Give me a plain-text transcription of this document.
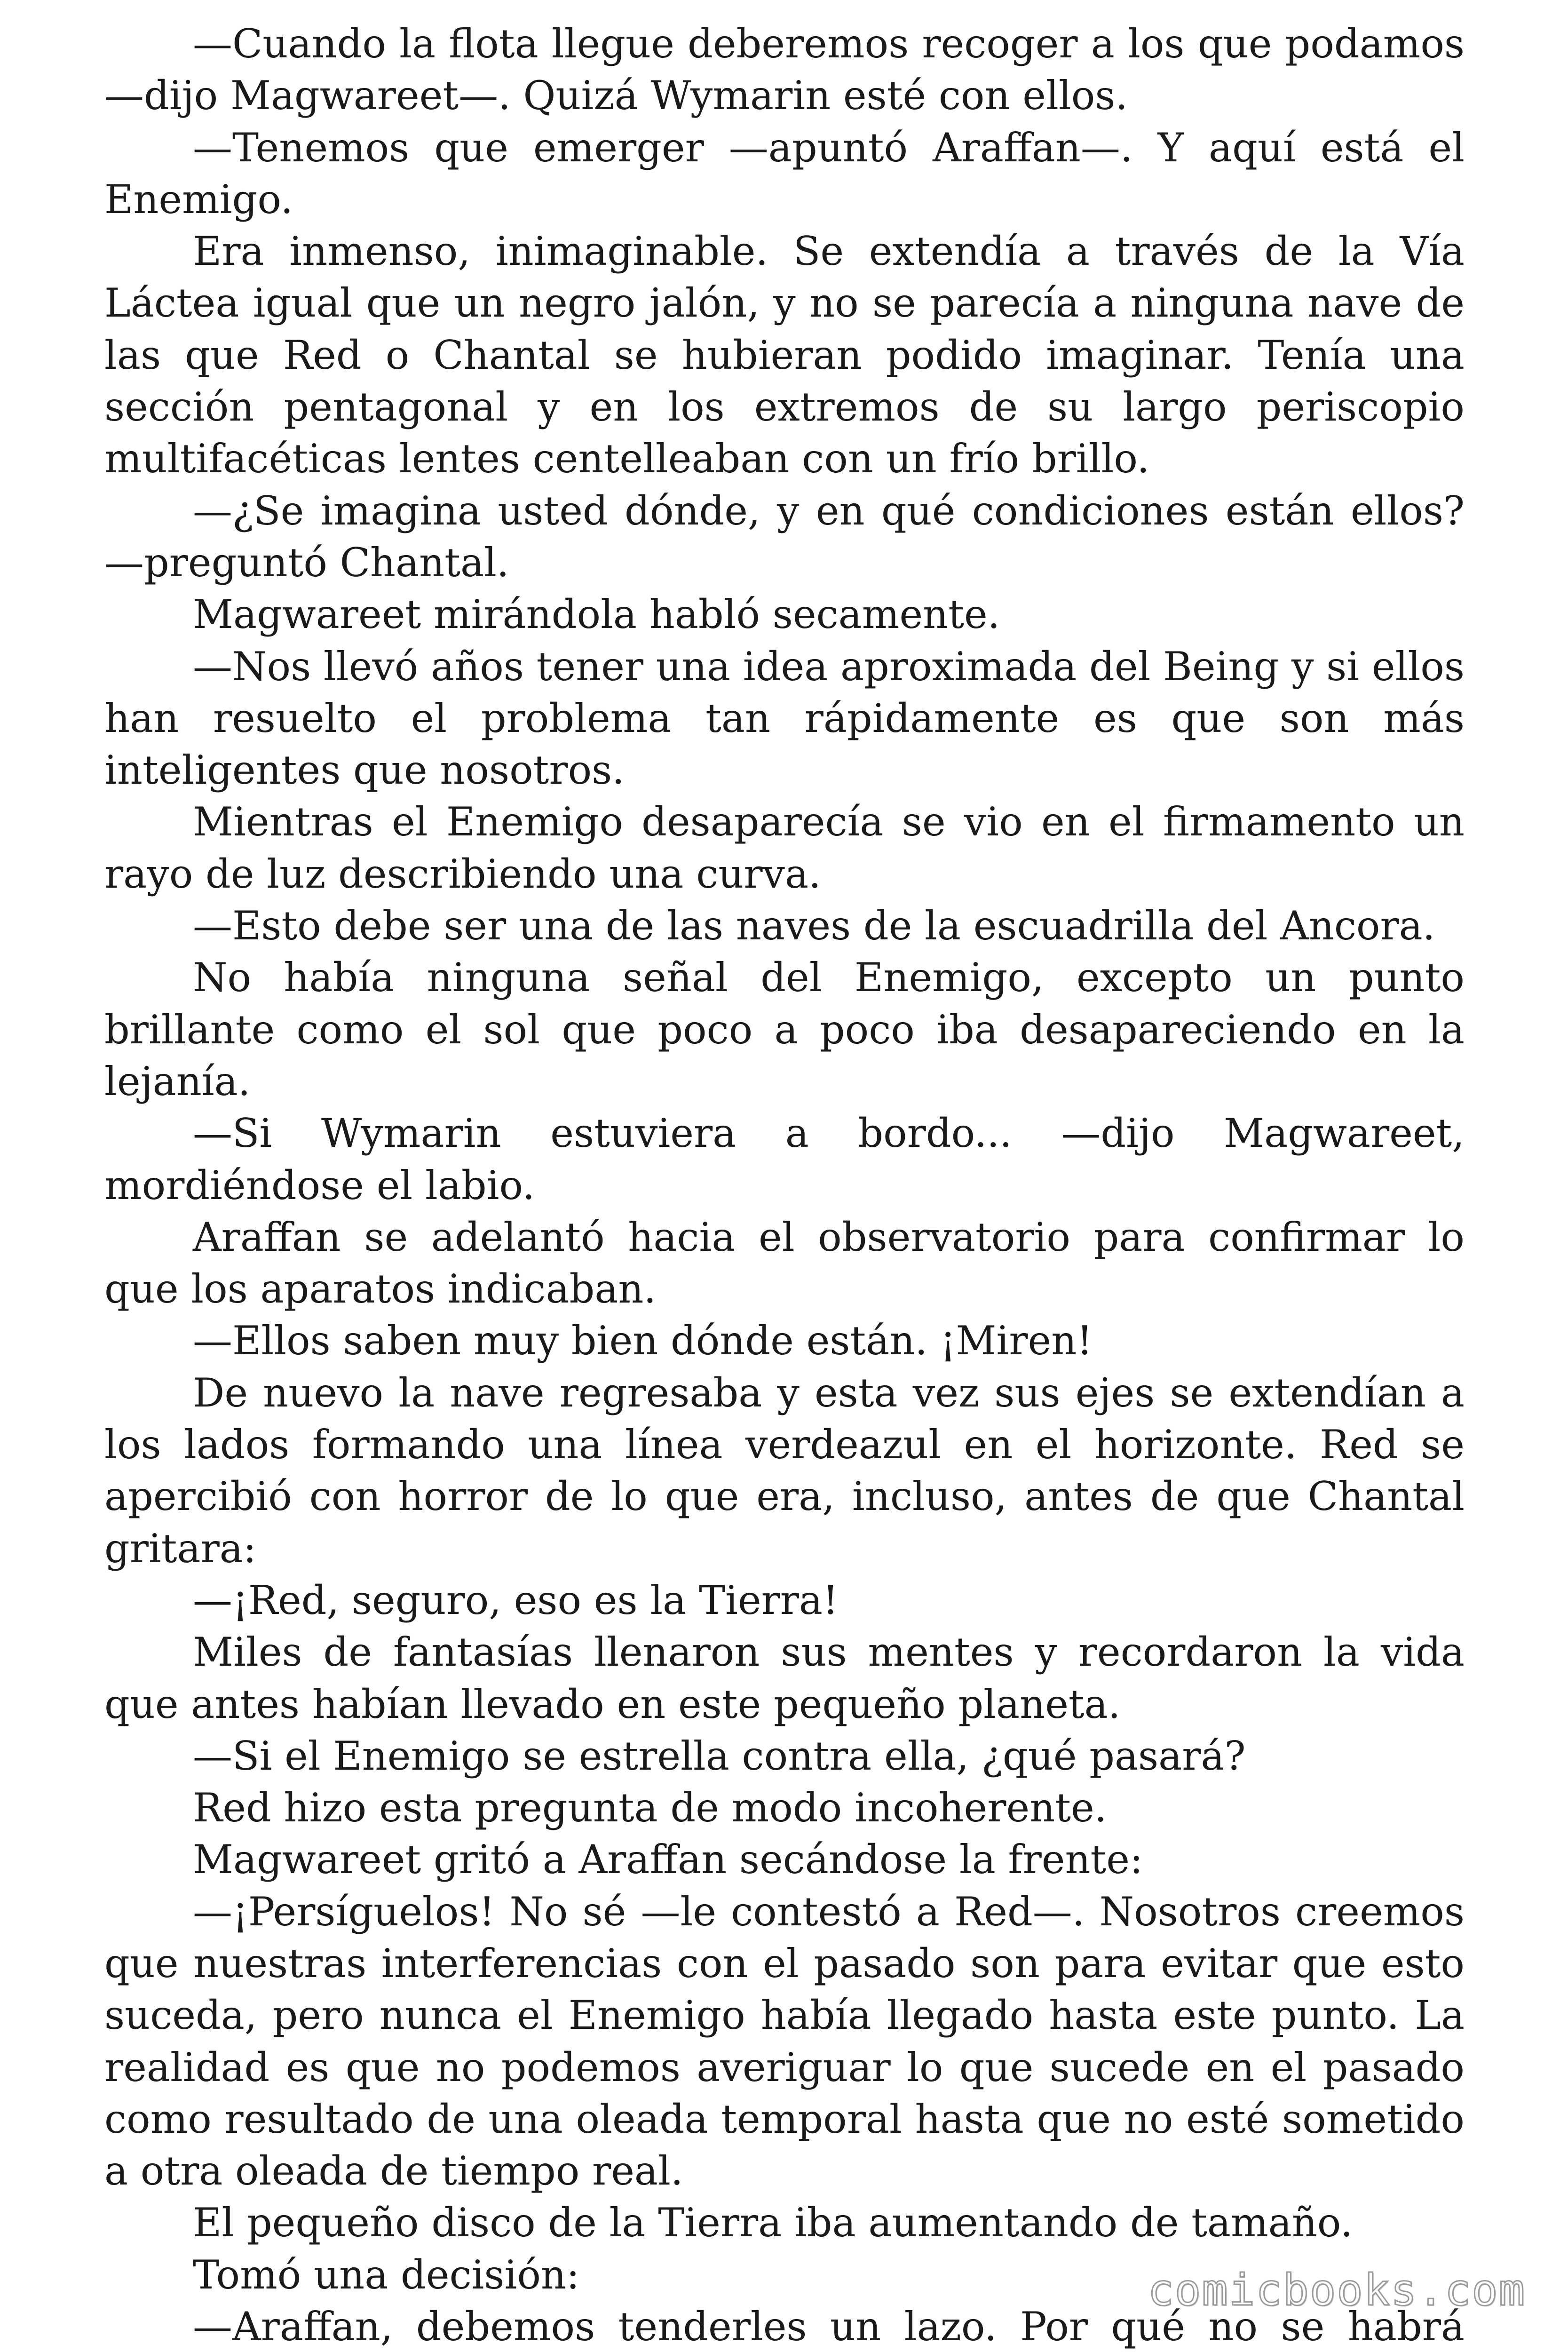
—Cuando la flota llegue deberemos recoger a los que podamos —dijo Magwareet—. Quizá Wymarin esté con ellos.

—Tenemos que emerger —apuntó Araffan—. Y aquí está el Enemigo.

Era inmenso, inimaginable. Se extendía a través de la Vía Láctea igual que un negro jalón, y no se parecía a ninguna nave de las que Red o Chantal se hubieran podido imaginar. Tenía una sección pentagonal y en los extremos de su largo periscopio multifacéticas lentes centelleaban con un frío brillo.

—¿Se imagina usted dónde, y en qué condiciones están ellos? —preguntó Chantal.

Magwareet mirándola habló secamente.

—Nos llevó años tener una idea aproximada del Being y si ellos han resuelto el problema tan rápidamente es que son más inteligentes que nosotros.

Mientras el Enemigo desaparecía se vio en el firmamento un rayo de luz describiendo una curva.

—Esto debe ser una de las naves de la escuadrilla del Ancora.

No había ninguna señal del Enemigo, excepto un punto brillante como el sol que poco a poco iba desapareciendo en la lejanía.

—Si Wymarin estuviera a bordo... —dijo Magwareet, mordiéndose el labio.

Araffan se adelantó hacia el observatorio para confirmar lo que los aparatos indicaban.

—Ellos saben muy bien dónde están. ¡Miren!

De nuevo la nave regresaba y esta vez sus ejes se extendían a los lados formando una línea verdeazul en el horizonte. Red se apercibió con horror de lo que era, incluso, antes de que Chantal gritara:

—¡Red, seguro, eso es la Tierra!

Miles de fantasías llenaron sus mentes y recordaron la vida que antes habían llevado en este pequeño planeta.

—Si el Enemigo se estrella contra ella, ¿qué pasará?

Red hizo esta pregunta de modo incoherente.

Magwareet gritó a Araffan secándose la frente:

—¡Persíguelos! No sé —le contestó a Red—. Nosotros creemos que nuestras interferencias con el pasado son para evitar que esto suceda, pero nunca el Enemigo había llegado hasta este punto. La realidad es que no podemos averiguar lo que sucede en el pasado como resultado de una oleada temporal hasta que no esté sometido a otra oleada de tiempo real.

El pequeño disco de la Tierra iba aumentando de tamaño.

Tomó una decisión:

—Araffan, debemos tenderles un lazo. Por qué no se habrá

comicbooks.com
